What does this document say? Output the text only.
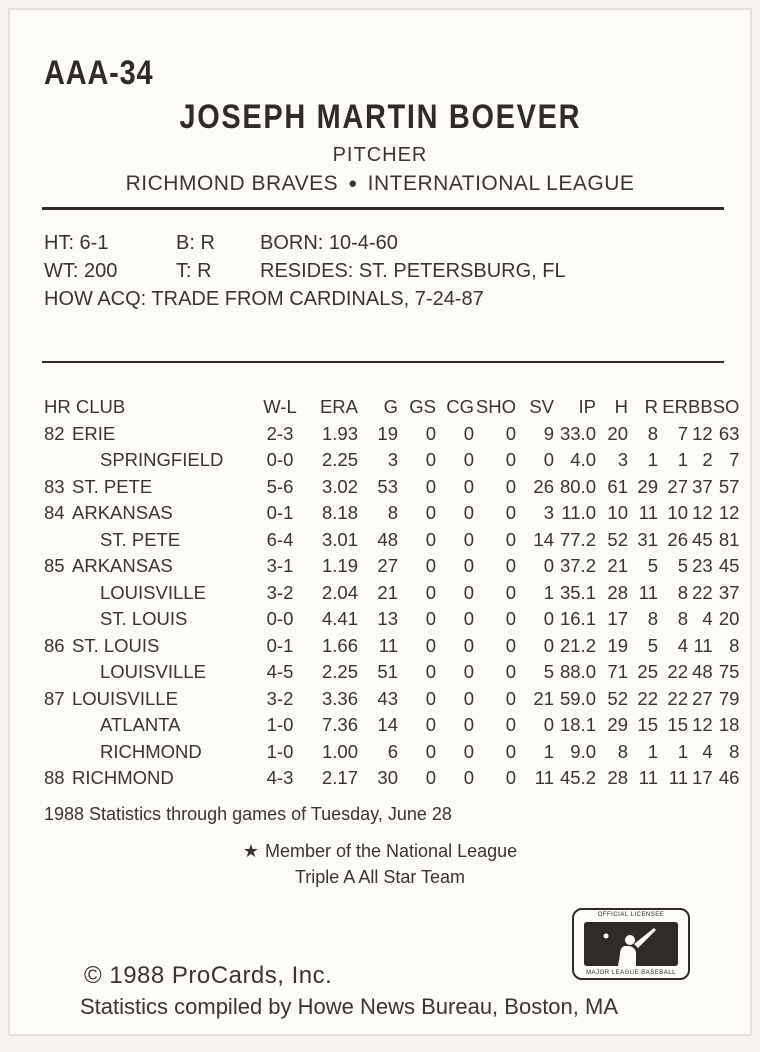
AAA-34
JOSEPH MARTIN BOEVER
PITCHER
RICHMOND BRAVES ● INTERNATIONAL LEAGUE
HT: 6-1	B: R BORN: 10-4-60
WT: 200	T: R RESIDES: ST. PETERSBURG, FL
HOW ACQ: TRADE FROM CARDINALS, 7-24-87
HR CLUB		W-L	ERA	G	GS	CG	SHO	SV	IP	H	R	ER	BB	SO
82	ERIE	2-3	1.93	19	0	0	0	9	33.0	20	8	7	12	63
	SPRINGFIELD	0-0	2.25	3	0	0	0	0	4.0	3	1	1	2	7
83	ST. PETE	5-6	3.02	53	0	0	0	26	80.0	61	29	27	37	57
84	ARKANSAS	0-1	8.18	8	0	0	0	3	11.0	10	11	10	12	12
	ST. PETE	6-4	3.01	48	0	0	0	14	77.2	52	31	26	45	81
85	ARKANSAS	3-1	1.19	27	0	0	0	0	37.2	21	5	5	23	45
	LOUISVILLE	3-2	2.04	21	0	0	0	1	35.1	28	11	8	22	37
	ST. LOUIS	0-0	4.41	13	0	0	0	0	16.1	17	8	8	4	20
86	ST. LOUIS	0-1	1.66	11	0	0	0	0	21.2	19	5	4	11	8
	LOUISVILLE	4-5	2.25	51	0	0	0	5	88.0	71	25	22	48	75
87	LOUISVILLE	3-2	3.36	43	0	0	0	21	59.0	52	22	22	27	79
	ATLANTA	1-0	7.36	14	0	0	0	0	18.1	29	15	15	12	18
	RICHMOND	1-0	1.00	6	0	0	0	1	9.0	8	1	1	4	8
88	RICHMOND	4-3	2.17	30	0	0	0	11	45.2	28	11	11	17	46
1988 Statistics through games of Tuesday, June 28
★ Member of the National League
Triple A All Star Team
OFFICIAL LICENSEE
MAJOR LEAGUE BASEBALL
© 1988 ProCards, Inc.
Statistics compiled by Howe News Bureau, Boston, MA
